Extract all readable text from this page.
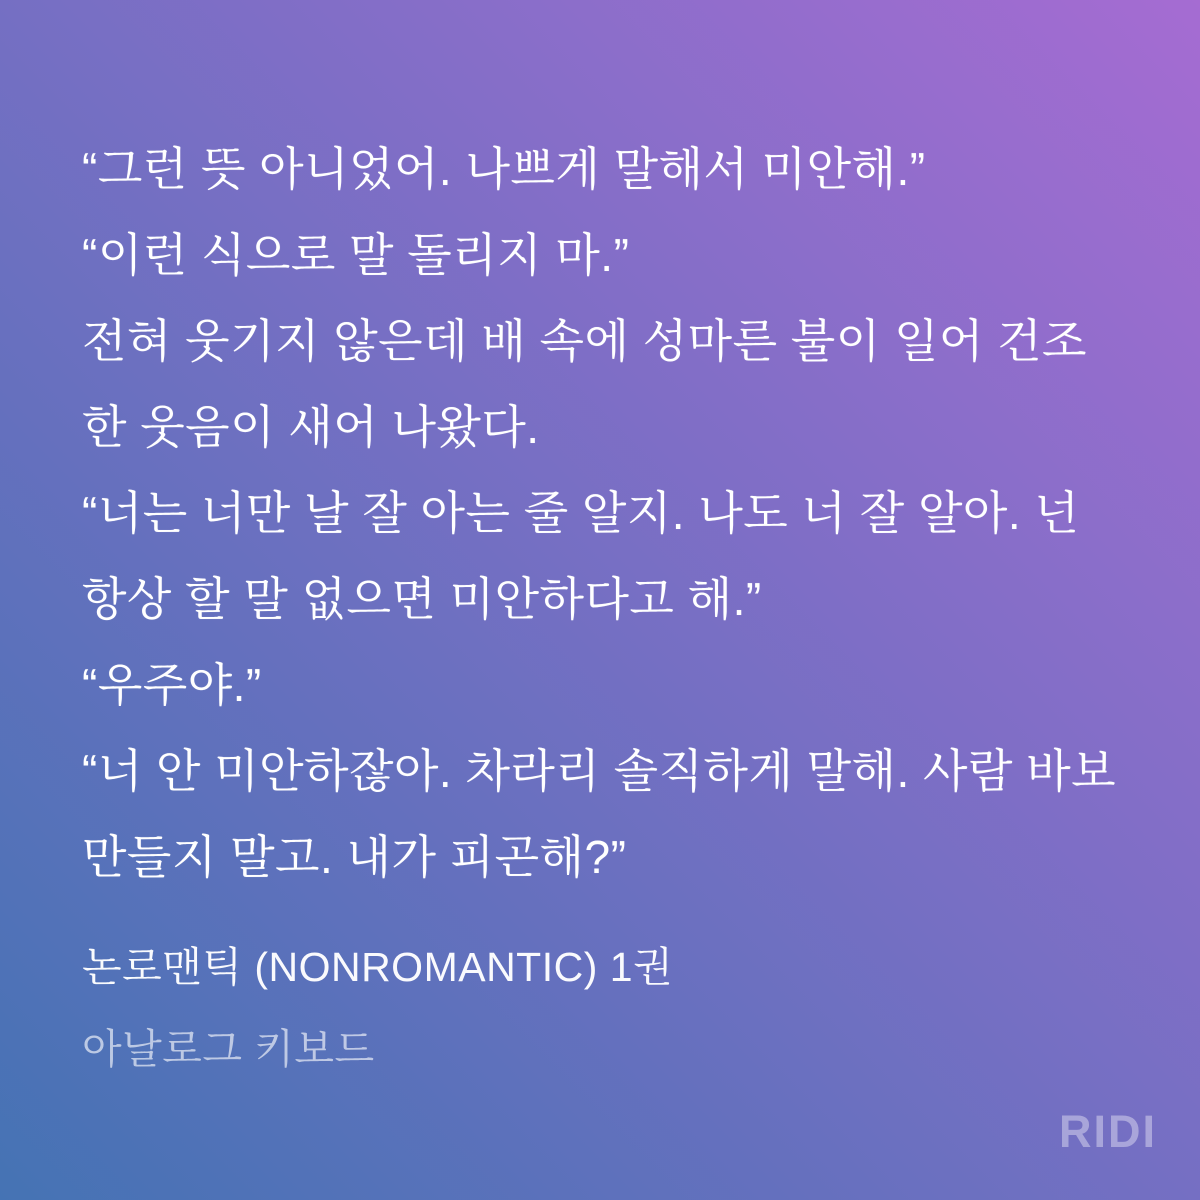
“그런 뜻 아니었어. 나쁘게 말해서 미안해.”

“이런 식으로 말 돌리지 마.”

전혀 웃기지 않은데 배 속에 성마른 불이 일어 건조한 웃음이 새어 나왔다.

“너는 너만 날 잘 아는 줄 알지. 나도 너 잘 알아. 넌 항상 할 말 없으면 미안하다고 해.”

“우주야.”

“너 안 미안하잖아. 차라리 솔직하게 말해. 사람 바보 만들지 말고. 내가 피곤해?”

논로맨틱 (NONROMANTIC) 1권
아날로그 키보드
RIDI
